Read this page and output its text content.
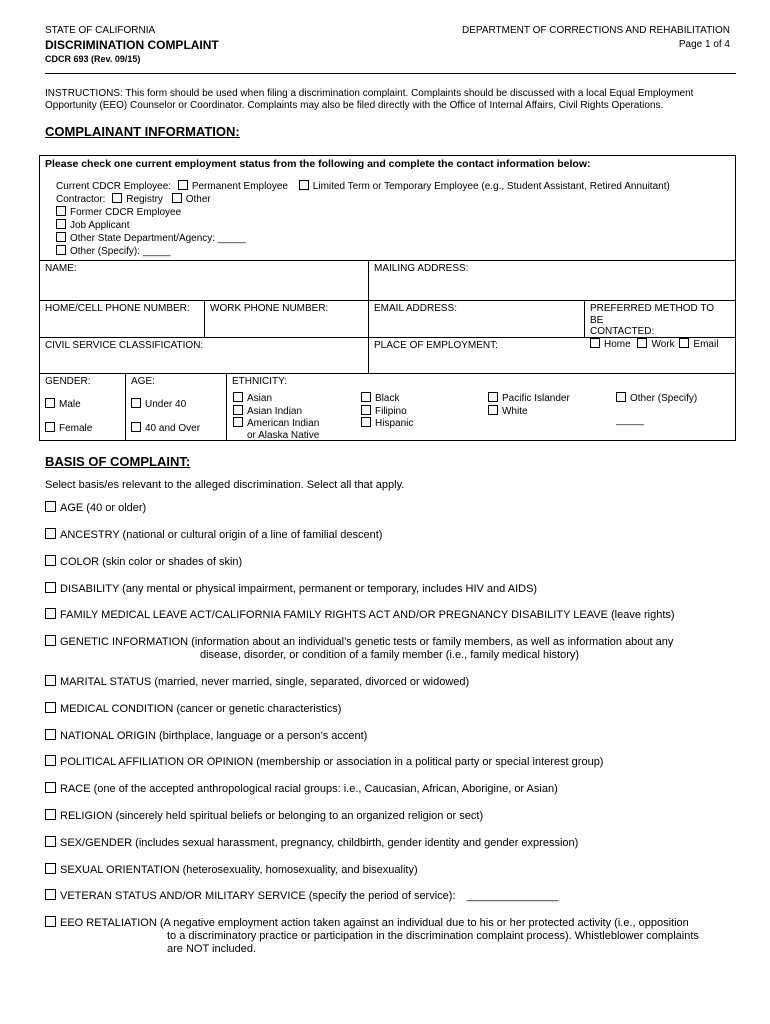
STATE OF CALIFORNIA
DISCRIMINATION COMPLAINT
CDCR 693 (Rev. 09/15)
DEPARTMENT OF CORRECTIONS AND REHABILITATION
Page 1 of 4
INSTRUCTIONS: This form should be used when filing a discrimination complaint. Complaints should be discussed with a local Equal Employment
Opportunity (EEO) Counselor or Coordinator. Complaints may also be filed directly with the Office of Internal Affairs, Civil Rights Operations.
COMPLAINANT INFORMATION:
Please check one current employment status from the following and complete the contact information below:
Current CDCR Employee: Permanent Employee Limited Term or Temporary Employee (e.g., Student Assistant, Retired Annuitant)
Contractor: Registry Other
Former CDCR Employee
Job Applicant
Other State Department/Agency: _____
Other (Specify): _____
NAME:	MAILING ADDRESS:
HOME/CELL PHONE NUMBER:	WORK PHONE NUMBER:	EMAIL ADDRESS:	PREFERRED METHOD TO BE
CONTACTED:
Home Work Email
CIVIL SERVICE CLASSIFICATION:	PLACE OF EMPLOYMENT:
GENDER:
Male
Female
AGE:
Under 40
40 and Over
ETHNICITY:
Asian
Asian Indian
American Indian
or Alaska Native
Black
Filipino
Hispanic
Pacific Islander
White
Other (Specify)
_____
BASIS OF COMPLAINT:
Select basis/es relevant to the alleged discrimination. Select all that apply.
AGE (40 or older)
ANCESTRY (national or cultural origin of a line of familial descent)
COLOR (skin color or shades of skin)
DISABILITY (any mental or physical impairment, permanent or temporary, includes HIV and AIDS)
FAMILY MEDICAL LEAVE ACT/CALIFORNIA FAMILY RIGHTS ACT AND/OR PREGNANCY DISABILITY LEAVE (leave rights)
GENETIC INFORMATION (information about an individual’s genetic tests or family members, as well as information about any
disease, disorder, or condition of a family member (i.e., family medical history)
MARITAL STATUS (married, never married, single, separated, divorced or widowed)
MEDICAL CONDITION (cancer or genetic characteristics)
NATIONAL ORIGIN (birthplace, language or a person’s accent)
POLITICAL AFFILIATION OR OPINION (membership or association in a political party or special interest group)
RACE (one of the accepted anthropological racial groups: i.e., Caucasian, African, Aborigine, or Asian)
RELIGION (sincerely held spiritual beliefs or belonging to an organized religion or sect)
SEX/GENDER (includes sexual harassment, pregnancy, childbirth, gender identity and gender expression)
SEXUAL ORIENTATION (heterosexuality, homosexuality, and bisexuality)
VETERAN STATUS AND/OR MILITARY SERVICE (specify the period of service): _______________
EEO RETALIATION (A negative employment action taken against an individual due to his or her protected activity (i.e., opposition
to a discriminatory practice or participation in the discrimination complaint process). Whistleblower complaints
are NOT included.
